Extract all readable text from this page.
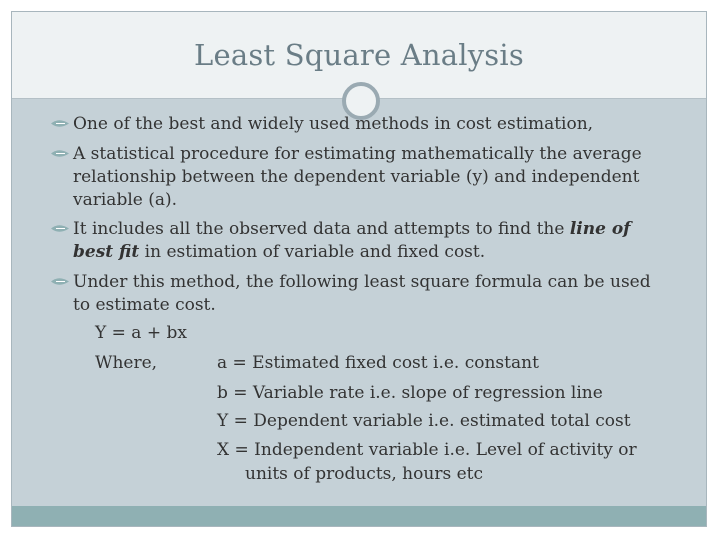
Least Square Analysis
One of the best and widely used methods in cost estimation,
A statistical procedure for estimating mathematically the average relationship between the dependent variable (y) and independent variable (a).
It includes all the observed data and attempts to find the line of best fit in estimation of variable and fixed cost.
Under this method, the following least square formula can be used to estimate cost.
Y = a + bx
Where,	a = Estimated fixed cost i.e. constant
b = Variable rate i.e. slope of regression line
Y = Dependent variable i.e. estimated total cost
X = Independent variable i.e. Level of activity or
units of products, hours etc
